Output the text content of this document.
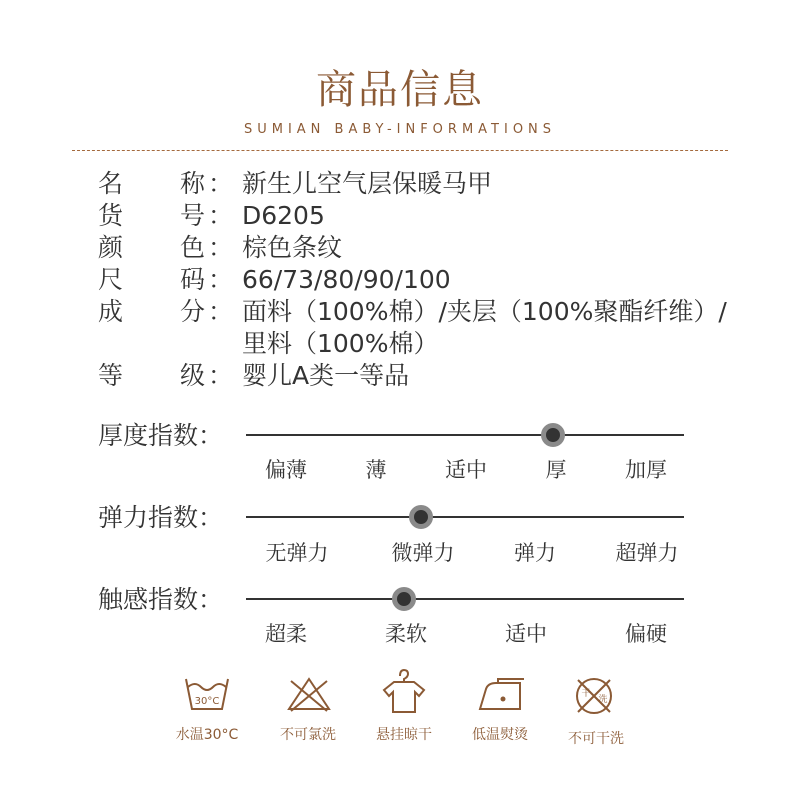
商品信息
SUMIAN BABY-INFORMATIONS
名 称 ： 新生儿空气层保暖马甲
货 号 ： D6205
颜 色 ： 棕色条纹
尺 码 ： 66/73/80/90/100
成 分 ： 面料（100%棉）/夹层（100%聚酯纤维）/
里料（100%棉）
等 级 ： 婴儿A类一等品
厚度指数：
偏薄	薄	适中	厚	加厚
弹力指数：
无弹力	微弹力	弹力	超弹力
触感指数：
超柔	柔软	适中	偏硬
30°C
干
洗
水温30°C	不可氯洗	悬挂晾干	低温熨烫	不可干洗
